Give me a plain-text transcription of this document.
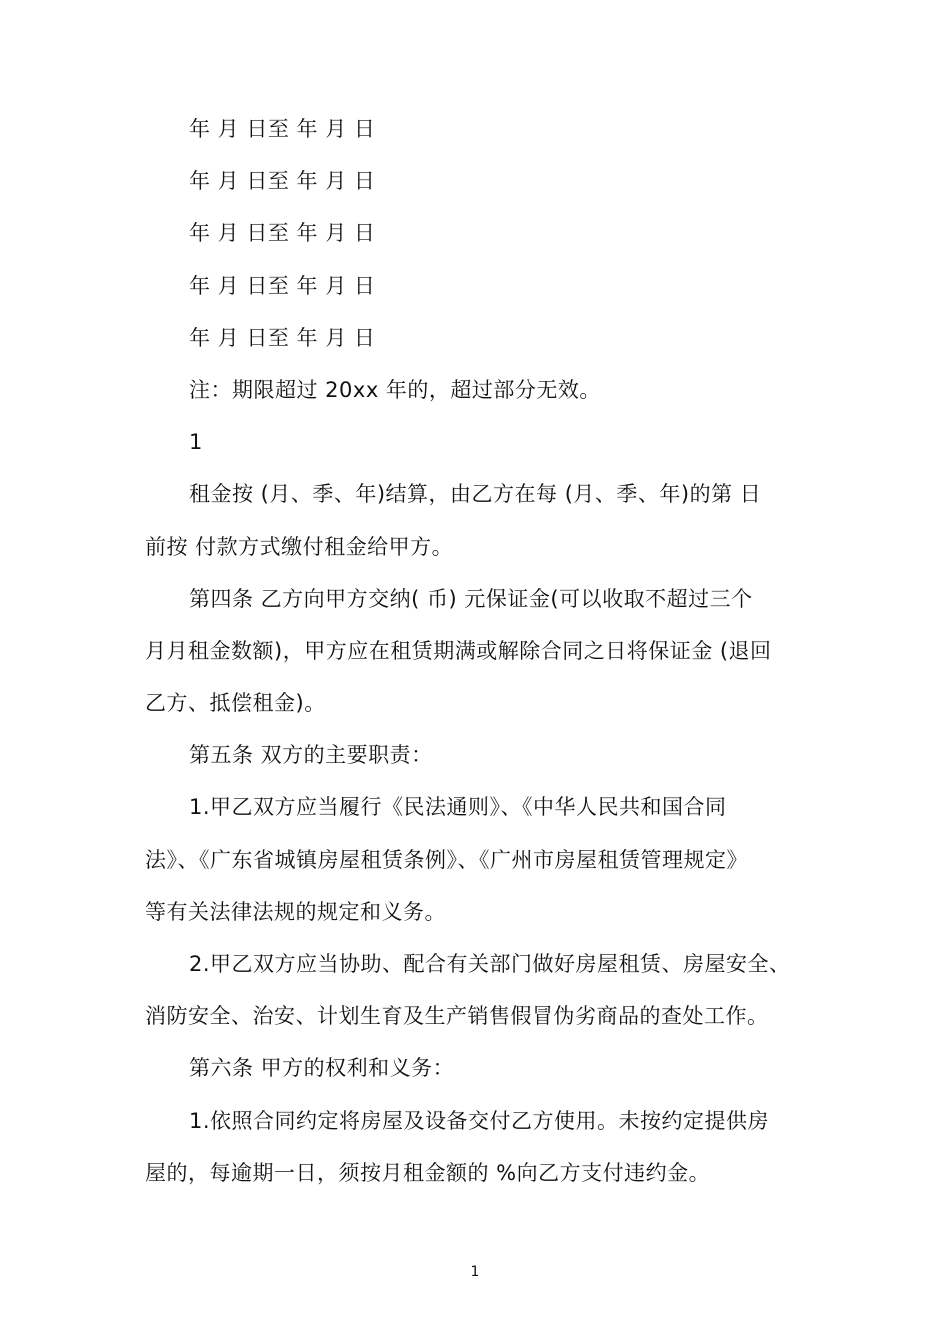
年 月 日至 年 月 日
年 月 日至 年 月 日
年 月 日至 年 月 日
年 月 日至 年 月 日
年 月 日至 年 月 日
注：期限超过 20xx 年的，超过部分无效。
1
租金按 (月、季、年)结算，由乙方在每 (月、季、年)的第 日
前按 付款方式缴付租金给甲方。
第四条 乙方向甲方交纳( 币) 元保证金(可以收取不超过三个
月月租金数额)，甲方应在租赁期满或解除合同之日将保证金 (退回
乙方、抵偿租金)。
第五条 双方的主要职责：
1.甲乙双方应当履行《民法通则》、《中华人民共和国合同
法》、《广东省城镇房屋租赁条例》、《广州市房屋租赁管理规定》
等有关法律法规的规定和义务。
2.甲乙双方应当协助、配合有关部门做好房屋租赁、房屋安全、
消防安全、治安、计划生育及生产销售假冒伪劣商品的查处工作。
第六条 甲方的权利和义务：
1.依照合同约定将房屋及设备交付乙方使用。未按约定提供房
屋的，每逾期一日，须按月租金额的 %向乙方支付违约金。
1
